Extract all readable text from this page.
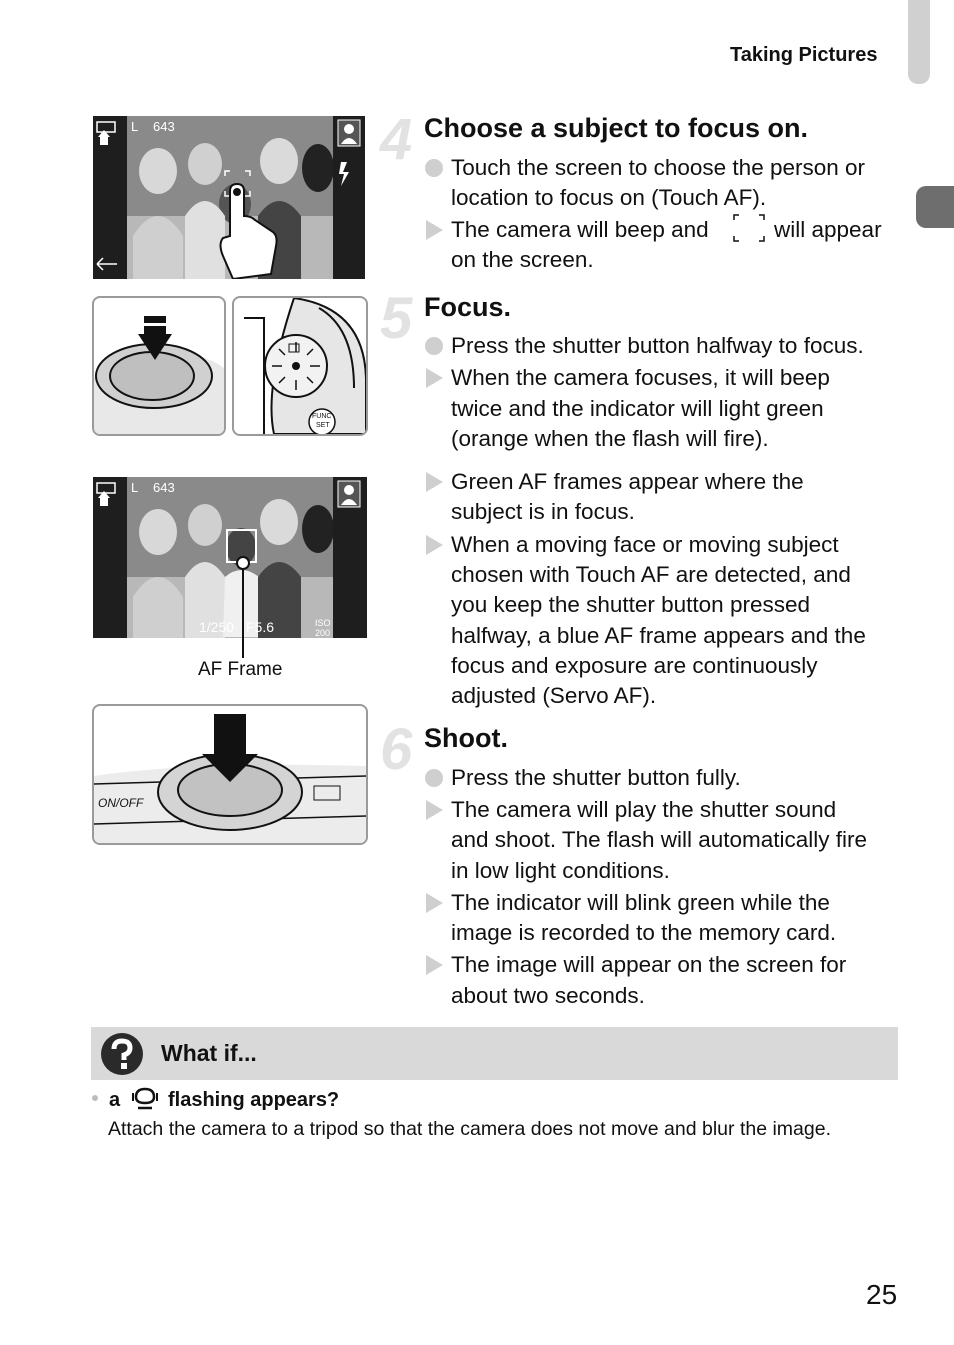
Taking Pictures
L 643
FUNC
SET
L 643
1/250 F5.6	ISO
200
AF Frame
ON/OFF
4 Choose a subject to focus on.
Touch the screen to choose the person or
location to focus on (Touch AF).
The camera will beep and	will appear
on the screen.
5 Focus.
Press the shutter button halfway to focus.
When the camera focuses, it will beep
twice and the indicator will light green
(orange when the flash will fire).
Green AF frames appear where the
subject is in focus.
When a moving face or moving subject
chosen with Touch AF are detected, and
you keep the shutter button pressed
halfway, a blue AF frame appears and the
focus and exposure are continuously
adjusted (Servo AF).
6 Shoot.
Press the shutter button fully.
The camera will play the shutter sound
and shoot. The flash will automatically fire
in low light conditions.
The indicator will blink green while the
image is recorded to the memory card.
The image will appear on the screen for
about two seconds.
What if...
a flashing appears?
Attach the camera to a tripod so that the camera does not move and blur the image.
25
